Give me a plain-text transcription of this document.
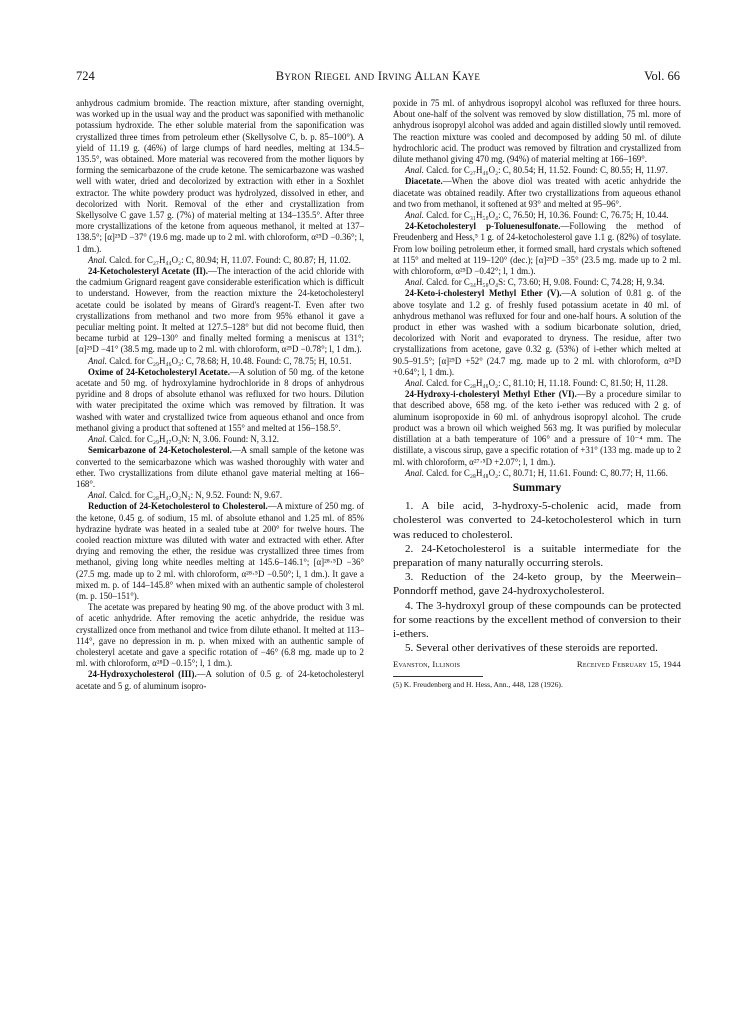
724	Byron Riegel and Irving Allan Kaye	Vol. 66

anhydrous cadmium bromide. The reaction mixture, after standing overnight, was worked up in the usual way and the product was saponified with methanolic potassium hydroxide. The ether soluble material from the saponification was crystallized three times from petroleum ether (Skellysolve C, b. p. 85–100°). A yield of 11.19 g. (46%) of large clumps of hard needles, melting at 134.5–135.5°, was obtained. More material was recovered from the mother liquors by forming the semicarbazone of the crude ketone. The semicarbazone was washed well with water, dried and decolorized by extraction with ether in a Soxhlet extractor. The white powdery product was hydrolyzed, dissolved in ether, and decolorized with Norit. Removal of the ether and crystallization from Skellysolve C gave 1.57 g. (7%) of material melting at 134–135.5°. After three more crystallizations of the ketone from aqueous methanol, it melted at 137–138.5°; [α]²⁵D −37° (19.6 mg. made up to 2 ml. with chloroform, α²⁵D −0.36°; l, 1 dm.).

Anal. Calcd. for C₂₇H₄₄O₂: C, 80.94; H, 11.07. Found: C, 80.87; H, 11.02.

24-Ketocholesteryl Acetate (II).—The interaction of the acid chloride with the cadmium Grignard reagent gave considerable esterification which is difficult to understand. However, from the reaction mixture the 24-ketocholesteryl acetate could be isolated by means of Girard's reagent-T. Even after two crystallizations from methanol and two more from 95% ethanol it gave a peculiar melting point. It melted at 127.5–128° but did not become fluid, then became turbid at 129–130° and finally melted forming a meniscus at 131°; [α]²⁵D −41° (38.5 mg. made up to 2 ml. with chloroform, α²⁵D −0.78°; l, 1 dm.).

Anal. Calcd. for C₂₉H₄₆O₃: C, 78.68; H, 10.48. Found: C, 78.75; H, 10.51.

Oxime of 24-Ketocholesteryl Acetate.—A solution of 50 mg. of the ketone acetate and 50 mg. of hydroxylamine hydrochloride in 8 drops of anhydrous pyridine and 8 drops of absolute ethanol was refluxed for two hours. Dilution with water precipitated the oxime which was removed by filtration. It was washed with water and crystallized twice from aqueous ethanol and once from methanol giving a product that softened at 155° and melted at 156–158.5°.

Anal. Calcd. for C₂₉H₄₇O₃N: N, 3.06. Found: N, 3.12.

Semicarbazone of 24-Ketocholesterol.—A small sample of the ketone was converted to the semicarbazone which was washed thoroughly with water and ether. Two crystallizations from dilute ethanol gave material melting at 166–168°.

Anal. Calcd. for C₂₈H₄₇O₂N₃: N, 9.52. Found: N, 9.67.

Reduction of 24-Ketocholesterol to Cholesterol.—A mixture of 250 mg. of the ketone, 0.45 g. of sodium, 15 ml. of absolute ethanol and 1.25 ml. of 85% hydrazine hydrate was heated in a sealed tube at 200° for twelve hours. The cooled reaction mixture was diluted with water and extracted with ether. After drying and removing the ether, the residue was crystallized three times from methanol, giving long white needles melting at 145.6–146.1°; [α]²⁸·⁵D −36° (27.5 mg. made up to 2 ml. with chloroform, α²⁸·⁵D −0.50°; l, 1 dm.). It gave a mixed m. p. of 144–145.8° when mixed with an authentic sample of cholesterol (m. p. 150–151°).

The acetate was prepared by heating 90 mg. of the above product with 3 ml. of acetic anhydride. After removing the acetic anhydride, the residue was crystallized once from methanol and twice from dilute ethanol. It melted at 113–114°, gave no depression in m. p. when mixed with an authentic sample of cholesteryl acetate and gave a specific rotation of −46° (6.8 mg. made up to 2 ml. with chloroform, α²⁸D −0.15°; l, 1 dm.).

24-Hydroxycholesterol (III).—A solution of 0.5 g. of 24-ketocholesteryl acetate and 5 g. of aluminum isopro-

poxide in 75 ml. of anhydrous isopropyl alcohol was refluxed for three hours. About one-half of the solvent was removed by slow distillation, 75 ml. more of anhydrous isopropyl alcohol was added and again distilled slowly until removed. The reaction mixture was cooled and decomposed by adding 50 ml. of dilute hydrochloric acid. The product was removed by filtration and crystallized from dilute methanol giving 470 mg. (94%) of material melting at 166–169°.

Anal. Calcd. for C₂₇H₄₆O₂: C, 80.54; H, 11.52. Found: C, 80.55; H, 11.97.

Diacetate.—When the above diol was treated with acetic anhydride the diacetate was obtained readily. After two crystallizations from aqueous ethanol and two from methanol, it softened at 93° and melted at 95–96°.

Anal. Calcd. for C₃₁H₅₀O₄: C, 76.50; H, 10.36. Found: C, 76.75; H, 10.44.

24-Ketocholesteryl p-Toluenesulfonate.—Following the method of Freudenberg and Hess,⁵ 1 g. of 24-ketocholesterol gave 1.1 g. (82%) of tosylate. From low boiling petroleum ether, it formed small, hard crystals which softened at 115° and melted at 119–120° (dec.); [α]²⁵D −35° (23.5 mg. made up to 2 ml. with chloroform, α²⁵D −0.42°; l, 1 dm.).

Anal. Calcd. for C₃₄H₅₀O₄S: C, 73.60; H, 9.08. Found: C, 74.28; H, 9.34.

24-Keto-i-cholesteryl Methyl Ether (V).—A solution of 0.81 g. of the above tosylate and 1.2 g. of freshly fused potassium acetate in 40 ml. of anhydrous methanol was refluxed for four and one-half hours. A solution of the product in ether was washed with a sodium bicarbonate solution, dried, decolorized with Norit and evaporated to dryness. The residue, after two crystallizations from acetone, gave 0.32 g. (53%) of i-ether which melted at 90.5–91.5°; [α]²⁵D +52° (24.7 mg. made up to 2 ml. with chloroform, α²⁵D +0.64°; l, 1 dm.).

Anal. Calcd. for C₂₈H₄₆O₂: C, 81.10; H, 11.18. Found: C, 81.50; H, 11.28.

24-Hydroxy-i-cholesteryl Methyl Ether (VI).—By a procedure similar to that described above, 658 mg. of the keto i-ether was reduced with 2 g. of aluminum isopropoxide in 60 ml. of anhydrous isopropyl alcohol. The crude product was a brown oil which weighed 563 mg. It was purified by molecular distillation at a bath temperature of 106° and a pressure of 10⁻⁴ mm. The distillate, a viscous sirup, gave a specific rotation of +31° (133 mg. made up to 2 ml. with chloroform, α²⁷·⁵D +2.07°; l, 1 dm.).

Anal. Calcd. for C₂₈H₄₈O₂: C, 80.71; H, 11.61. Found: C, 80.77; H, 11.66.

Summary

1. A bile acid, 3-hydroxy-5-cholenic acid, made from cholesterol was converted to 24-ketocholesterol which in turn was reduced to cholesterol.

2. 24-Ketocholesterol is a suitable intermediate for the preparation of many naturally occurring sterols.

3. Reduction of the 24-keto group, by the Meerwein–Ponndorff method, gave 24-hydroxycholesterol.

4. The 3-hydroxyl group of these compounds can be protected for some reactions by the excellent method of conversion to their i-ethers.

5. Several other derivatives of these steroids are reported.

Evanston, Illinois	Received February 15, 1944

(5) K. Freudenberg and H. Hess, Ann., 448, 128 (1926).
